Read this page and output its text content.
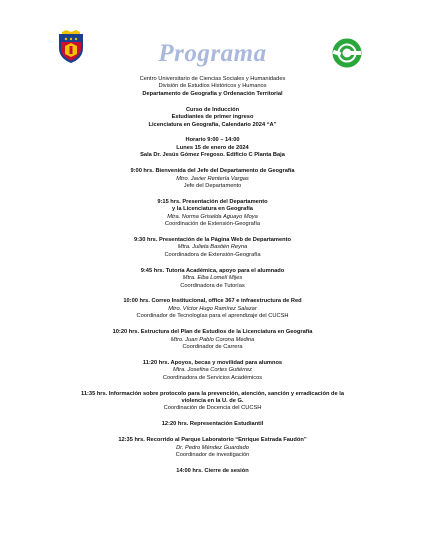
Programa
Centro Universitario de Ciencias Sociales y Humanidades
División de Estudios Históricos y Humanos
Departamento de Geografía y Ordenación Territorial
Curso de Inducción
Estudiantes de primer ingreso
Licenciatura en Geografía, Calendario 2024 “A”
Horario 9:00 – 14:00
Lunes 15 de enero de 2024
Sala Dr. Jesús Gómez Fregoso. Edificio C Planta Baja
9:00 hrs. Bienvenida del Jefe del Departamento de Geografía
Mtro. Javier Rentería Vargas
Jefe del Departamento
9:15 hrs. Presentación del Departamento
y la Licenciatura en Geografía
Mtra. Norma Griselda Aguayo Moya
Coordinación de Extensión-Geografía
9:30 hrs. Presentación de la Página Web de Departamento
Mtra. Julieta Bastién Reyna
Coordinadora de Extensión-Geografía
9:45 hrs. Tutoría Académica, apoyo para el alumnado
Mtra. Elba Lomelí Mijes
Coordinadora de Tutorías
10:00 hrs. Correo Institucional, office 367 e infraestructura de Red
Mtro. Víctor Hugo Ramírez Salazar
Coordinador de Tecnologías para el aprendizaje del CUCSH
10:20 hrs. Estructura del Plan de Estudios de la Licenciatura en Geografía
Mtro. Juan Pablo Corona Medina
Coordinador de Carrera
11:20 hrs. Apoyos, becas y movilidad para alumnos
Mtra. Josefina Cortes Gutiérrez
Coordinadora de Servicios Académicos
11:35 hrs. Información sobre protocolo para la prevención, atención, sanción y erradicación de la
violencia en la U. de G.
Coordinación de Docencia del CUCSH
12:20 hrs. Representación Estudiantil
12:35 hrs. Recorrido al Parque Laboratorio “Enrique Estrada Faudón”
Dr. Pedro Méndez Guardado
Coordinador de investigación
14:00 hrs. Cierre de sesión
